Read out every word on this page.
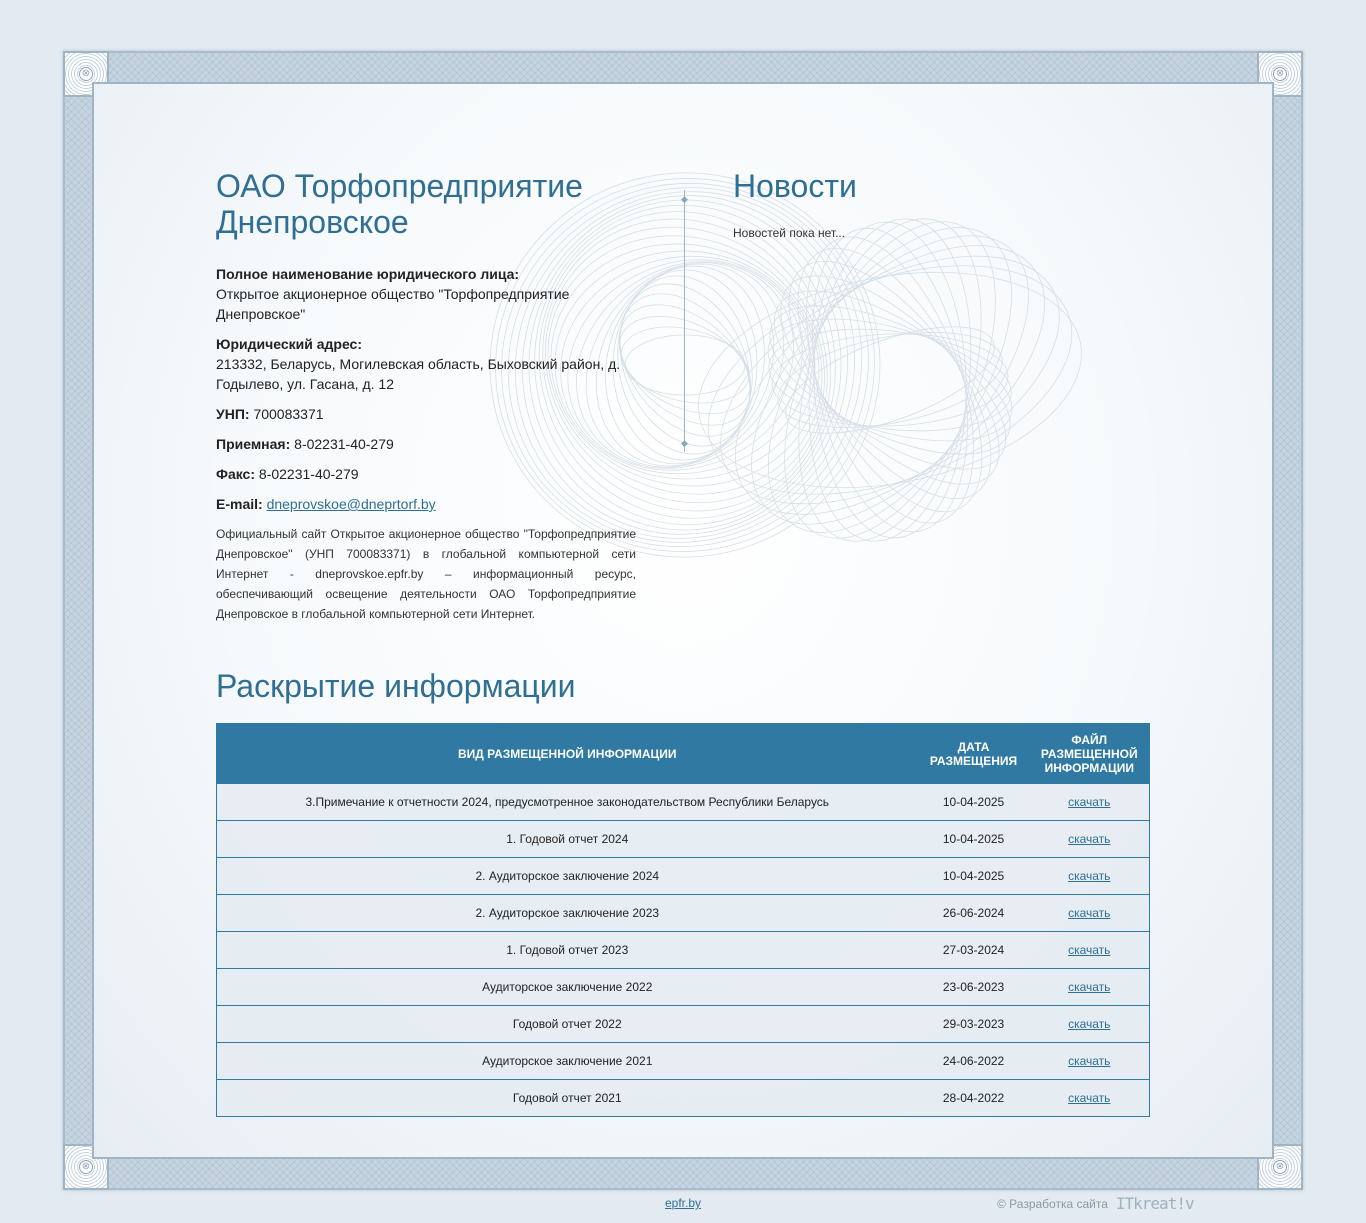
⊗	⊗
⊗	⊗
ОАО Торфопредприятие Днепровское
Полное наименование юридического лица:
Открытое акционерное общество "Торфопредприятие Днепровское"
Юридический адрес:
213332, Беларусь, Могилевская область, Быховский район, д. Годылево, ул. Гасана, д. 12
УНП: 700083371
Приемная: 8-02231-40-279
Факс: 8-02231-40-279
E-mail: dneprovskoe@dneprtorf.by

Официальный сайт Открытое акционерное общество "Торфопредприятие Днепровское" (УНП 700083371) в глобальной компьютерной сети Интернет - dneprovskoe.epfr.by – информационный ресурс, обеспечивающий освещение деятельности ОАО Торфопредприятие Днепровское в глобальной компьютерной сети Интернет.

◆
◆
Новости

Новостей пока нет...

Раскрытие информации
ВИД РАЗМЕЩЕННОЙ ИНФОРМАЦИИ	ДАТА РАЗМЕЩЕНИЯ	ФАЙЛ РАЗМЕЩЕННОЙ ИНФОРМАЦИИ
3.Примечание к отчетности 2024, предусмотренное законодательством Республики Беларусь	10-04-2025	скачать
1. Годовой отчет 2024	10-04-2025	скачать
2. Аудиторское заключение 2024	10-04-2025	скачать
2. Аудиторское заключение 2023	26-06-2024	скачать
1. Годовой отчет 2023	27-03-2024	скачать
Аудиторское заключение 2022	23-06-2023	скачать
Годовой отчет 2022	29-03-2023	скачать
Аудиторское заключение 2021	24-06-2022	скачать
Годовой отчет 2021	28-04-2022	скачать
epfr.by	© Разработка сайта ITkreat!v
